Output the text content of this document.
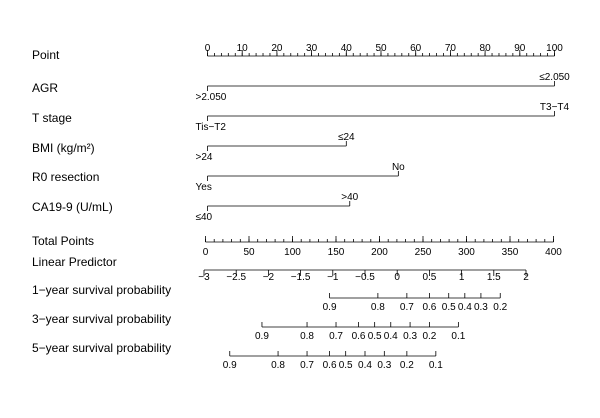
Point
AGR
T stage
BMI (kg/m²)
R0 resection
CA19-9 (U/mL)
Total Points
Linear Predictor
1−year survival probability
3−year survival probability
5−year survival probability
0	10 20 30 40 50 60 70 80 90 100
>2.050
≤2.050
Tis−T2
T3−T4
>24
≤24
Yes
No
≤40
>40
0	50	100	150	200	250	300	350	400
−3 −2.5 −2 −1.5 −1 −0.5 0 0.5 1 1.5 2
0.9	0.8 0.7 0.6 0.5 0.4 0.3 0.2
0.9	0.8 0.7 0.6 0.5 0.4 0.3 0.2 0.1
0.9	0.8 0.7 0.6 0.5 0.4 0.3 0.2 0.1
